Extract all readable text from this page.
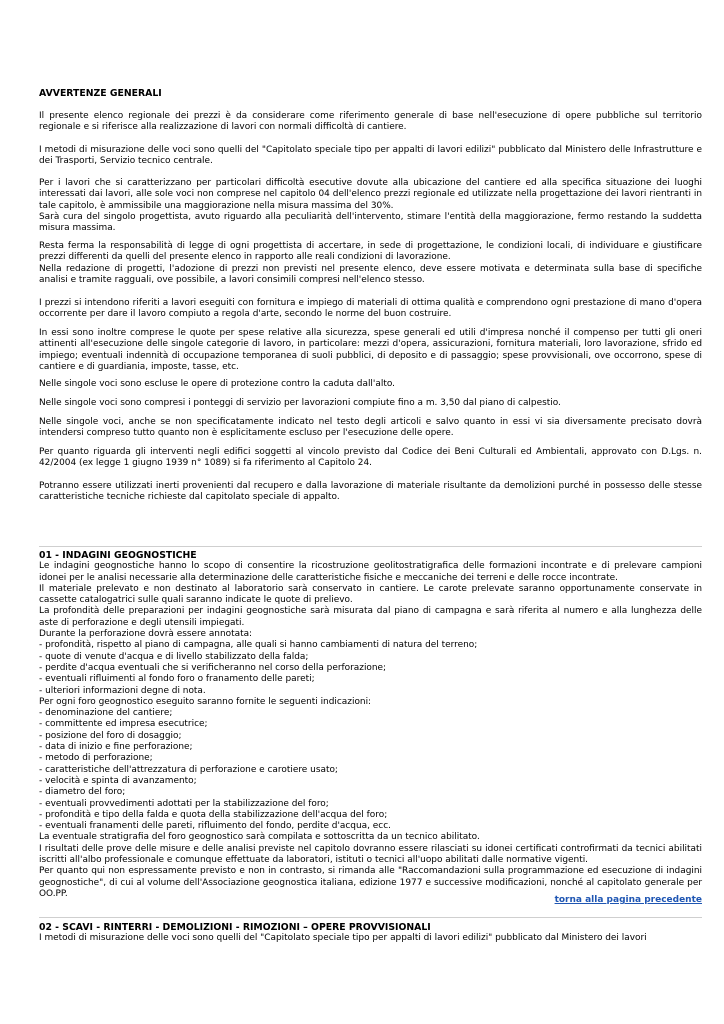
AVVERTENZE GENERALI

Il presente elenco regionale dei prezzi è da considerare come riferimento generale di base nell'esecuzione di opere pubbliche sul territorio regionale e si riferisce alla realizzazione di lavori con normali difficoltà di cantiere.

I metodi di misurazione delle voci sono quelli del "Capitolato speciale tipo per appalti di lavori edilizi" pubblicato dal Ministero delle Infrastrutture e dei Trasporti, Servizio tecnico centrale.

Per i lavori che si caratterizzano per particolari difficoltà esecutive dovute alla ubicazione del cantiere ed alla specifica situazione dei luoghi interessati dai lavori, alle sole voci non comprese nel capitolo 04 dell'elenco prezzi regionale ed utilizzate nella progettazione dei lavori rientranti in tale capitolo, è ammissibile una maggiorazione nella misura massima del 30%.

Sarà cura del singolo progettista, avuto riguardo alla peculiarità dell'intervento, stimare l'entità della maggiorazione, fermo restando la suddetta misura massima.

Resta ferma la responsabilità di legge di ogni progettista di accertare, in sede di progettazione, le condizioni locali, di individuare e giustificare prezzi differenti da quelli del presente elenco in rapporto alle reali condizioni di lavorazione.

Nella redazione di progetti, l'adozione di prezzi non previsti nel presente elenco, deve essere motivata e determinata sulla base di specifiche analisi e tramite ragguali, ove possibile, a lavori consimili compresi nell'elenco stesso.

I prezzi si intendono riferiti a lavori eseguiti con fornitura e impiego di materiali di ottima qualità e comprendono ogni prestazione di mano d'opera occorrente per dare il lavoro compiuto a regola d'arte, secondo le norme del buon costruire.

In essi sono inoltre comprese le quote per spese relative alla sicurezza, spese generali ed utili d'impresa nonché il compenso per tutti gli oneri attinenti all'esecuzione delle singole categorie di lavoro, in particolare: mezzi d'opera, assicurazioni, fornitura materiali, loro lavorazione, sfrido ed impiego; eventuali indennità di occupazione temporanea di suoli pubblici, di deposito e di passaggio; spese provvisionali, ove occorrono, spese di cantiere e di guardiania, imposte, tasse, etc.

Nelle singole voci sono escluse le opere di protezione contro la caduta dall'alto.

Nelle singole voci sono compresi i ponteggi di servizio per lavorazioni compiute fino a m. 3,50 dal piano di calpestio.

Nelle singole voci, anche se non specificatamente indicato nel testo degli articoli e salvo quanto in essi vi sia diversamente precisato dovrà intendersi compreso tutto quanto non è esplicitamente escluso per l'esecuzione delle opere.

Per quanto riguarda gli interventi negli edifici soggetti al vincolo previsto dal Codice dei Beni Culturali ed Ambientali, approvato con D.Lgs. n. 42/2004 (ex legge 1 giugno 1939 n° 1089) si fa riferimento al Capitolo 24.

Potranno essere utilizzati inerti provenienti dal recupero e dalla lavorazione di materiale risultante da demolizioni purché in possesso delle stesse caratteristiche tecniche richieste dal capitolato speciale di appalto.

01 - INDAGINI GEOGNOSTICHE

Le indagini geognostiche hanno lo scopo di consentire la ricostruzione geolitostratigrafica delle formazioni incontrate e di prelevare campioni idonei per le analisi necessarie alla determinazione delle caratteristiche fisiche e meccaniche dei terreni e delle rocce incontrate.

Il materiale prelevato e non destinato al laboratorio sarà conservato in cantiere. Le carote prelevate saranno opportunamente conservate in cassette catalogatrici sulle quali saranno indicate le quote di prelievo.

La profondità delle preparazioni per indagini geognostiche sarà misurata dal piano di campagna e sarà riferita al numero e alla lunghezza delle aste di perforazione e degli utensili impiegati.

Durante la perforazione dovrà essere annotata:

- profondità, rispetto al piano di campagna, alle quali si hanno cambiamenti di natura del terreno;

- quote di venute d'acqua e di livello stabilizzato della falda;

- perdite d'acqua eventuali che si verificheranno nel corso della perforazione;

- eventuali rifluimenti al fondo foro o franamento delle pareti;

- ulteriori informazioni degne di nota.

Per ogni foro geognostico eseguito saranno fornite le seguenti indicazioni:

- denominazione del cantiere;

- committente ed impresa esecutrice;

- posizione del foro di dosaggio;

- data di inizio e fine perforazione;

- metodo di perforazione;

- caratteristiche dell'attrezzatura di perforazione e carotiere usato;

- velocità e spinta di avanzamento;

- diametro del foro;

- eventuali provvedimenti adottati per la stabilizzazione del foro;

- profondità e tipo della falda e quota della stabilizzazione dell'acqua del foro;

- eventuali franamenti delle pareti, rifluimento del fondo, perdite d'acqua, ecc.

La eventuale stratigrafia del foro geognostico sarà compilata e sottoscritta da un tecnico abilitato.

I risultati delle prove delle misure e delle analisi previste nel capitolo dovranno essere rilasciati su idonei certificati controfirmati da tecnici abilitati iscritti all'albo professionale e comunque effettuate da laboratori, istituti o tecnici all'uopo abilitati dalle normative vigenti.

Per quanto qui non espressamente previsto e non in contrasto, si rimanda alle "Raccomandazioni sulla programmazione ed esecuzione di indagini geognostiche", di cui al volume dell'Associazione geognostica italiana, edizione 1977 e successive modificazioni, nonché al capitolato generale per OO.PP.

torna alla pagina precedente

02 - SCAVI - RINTERRI - DEMOLIZIONI - RIMOZIONI – OPERE PROVVISIONALI

I metodi di misurazione delle voci sono quelli del "Capitolato speciale tipo per appalti di lavori edilizi" pubblicato dal Ministero dei lavori
